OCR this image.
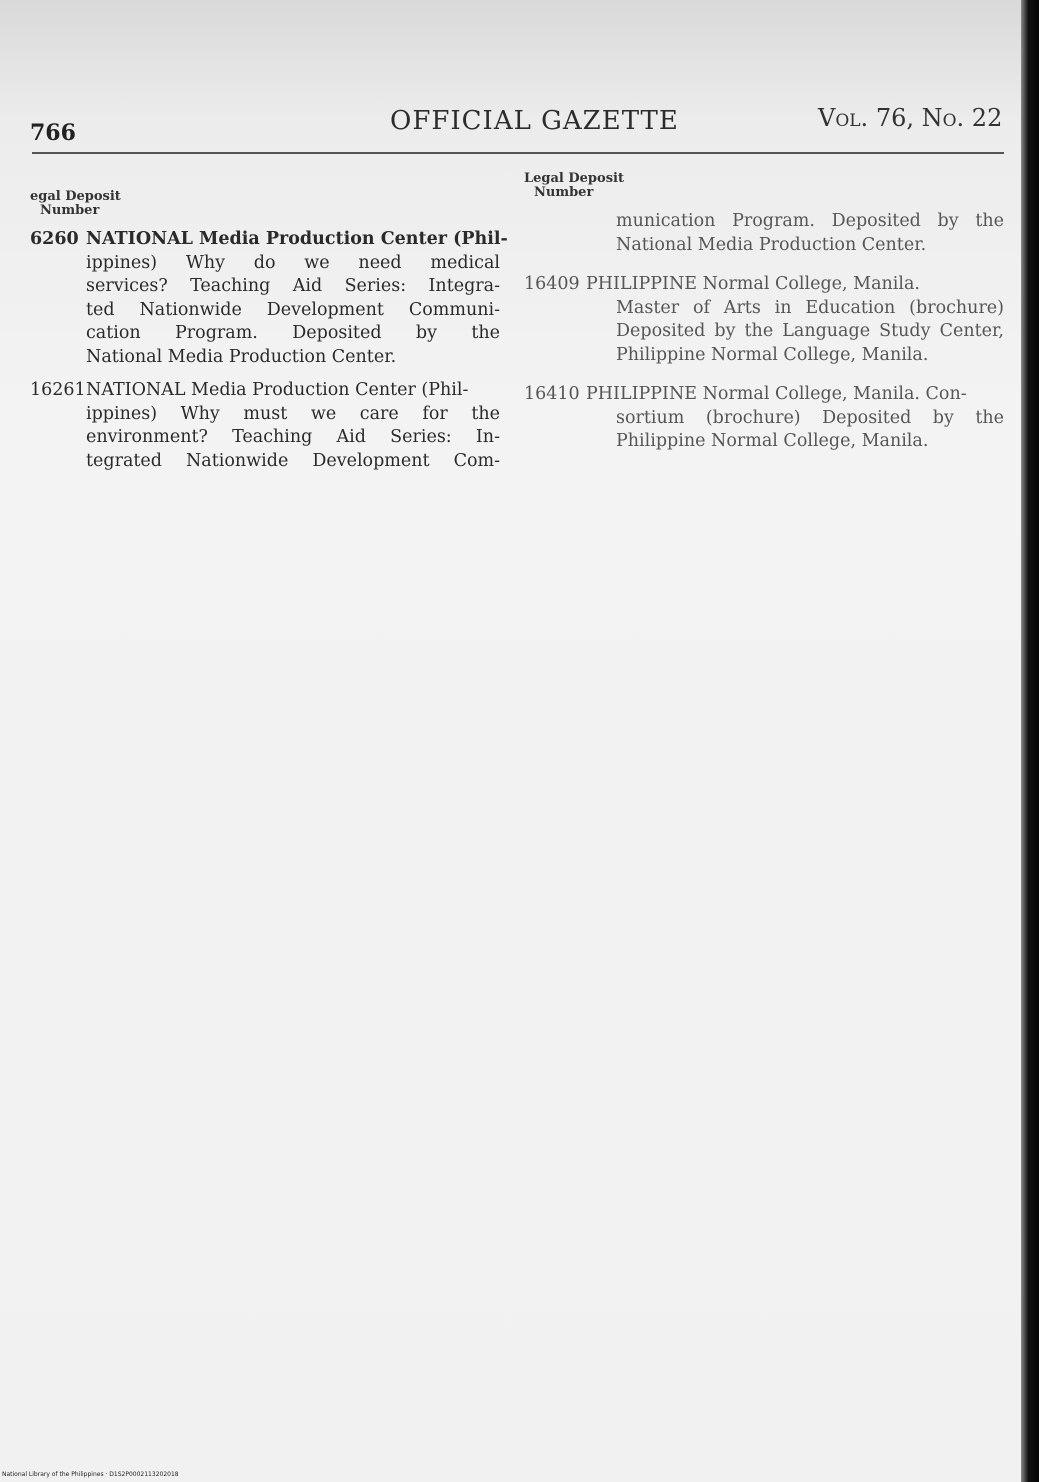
766	OFFICIAL GAZETTE	Vol. 76, No. 22
egal Deposit
Number
6260 NATIONAL Media Production Center (Phil-
ippines) Why do we need medical
services? Teaching Aid Series: Integra-
ted Nationwide Development Communi-
cation Program. Deposited by the
National Media Production Center.
16261 NATIONAL Media Production Center (Phil-
ippines) Why must we care for the
environment? Teaching Aid Series: In-
tegrated Nationwide Development Com-
Legal Deposit
Number
munication Program. Deposited by the
National Media Production Center.
16409 PHILIPPINE Normal College, Manila.
Master of Arts in Education (brochure)
Deposited by the Language Study Center,
Philippine Normal College, Manila.
16410 PHILIPPINE Normal College, Manila. Con-
sortium (brochure) Deposited by the
Philippine Normal College, Manila.
National Library of the Philippines · D1S2P0002113202018
